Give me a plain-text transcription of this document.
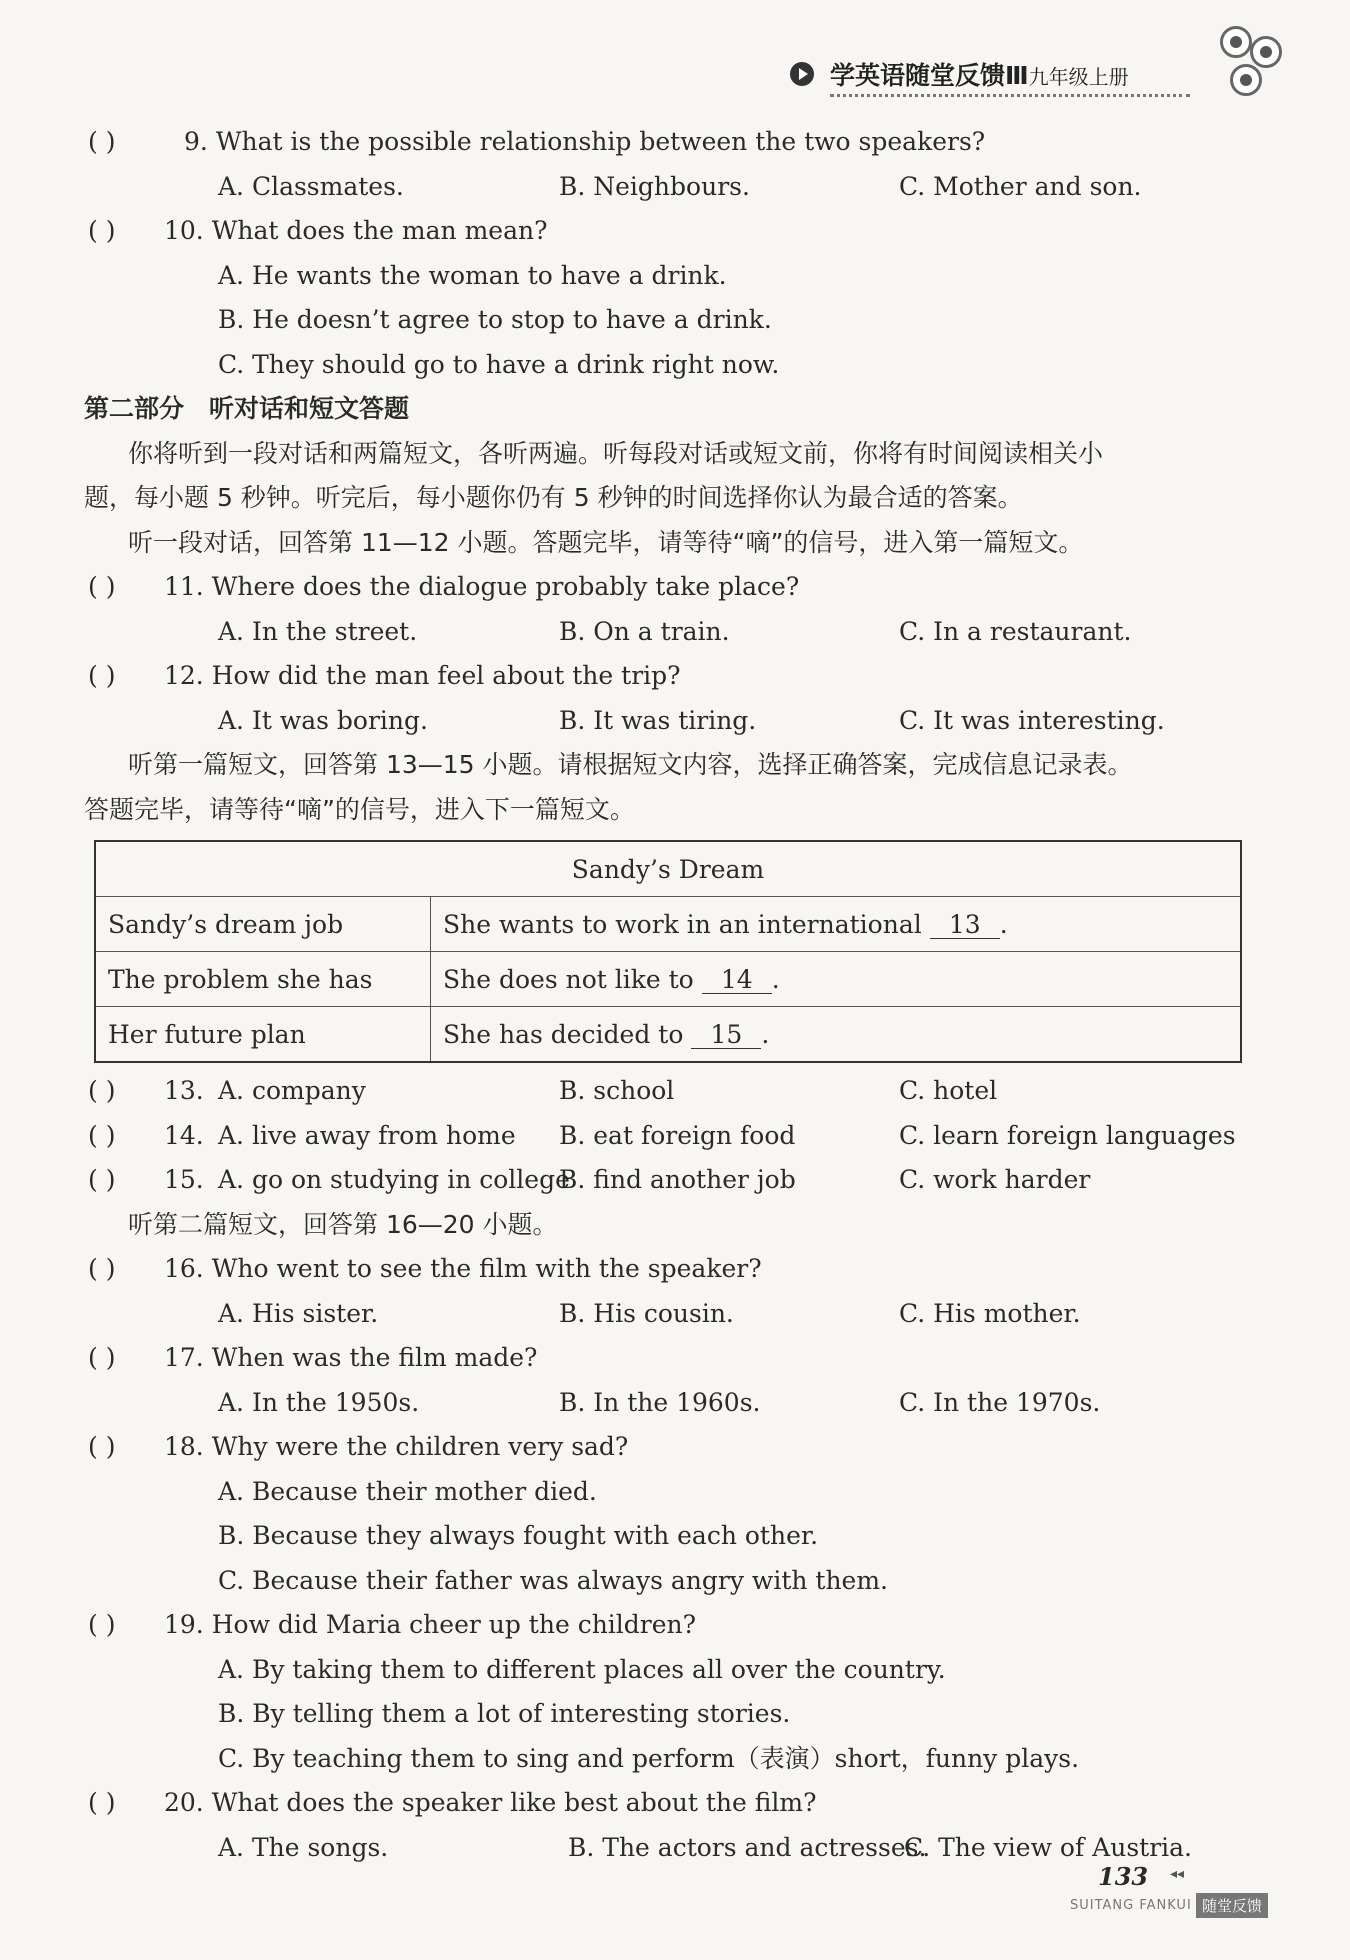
学英语随堂反馈Ⅲ九年级上册
( )	9. What is the possible relationship between the two speakers?
A. Classmates.	B. Neighbours.	C. Mother and son.
( ) 10. What does the man mean?
A. He wants the woman to have a drink.
B. He doesn’t agree to stop to have a drink.
C. They should go to have a drink right now.
第二部分　听对话和短文答题
你将听到一段对话和两篇短文，各听两遍。听每段对话或短文前，你将有时间阅读相关小
题，每小题 5 秒钟。听完后，每小题你仍有 5 秒钟的时间选择你认为最合适的答案。
听一段对话，回答第 11—12 小题。答题完毕，请等待“嘀”的信号，进入第一篇短文。
( ) 11. Where does the dialogue probably take place?
A. In the street.	B. On a train.	C. In a restaurant.
( ) 12. How did the man feel about the trip?
A. It was boring.	B. It was tiring.	C. It was interesting.
听第一篇短文，回答第 13—15 小题。请根据短文内容，选择正确答案，完成信息记录表。
答题完毕，请等待“嘀”的信号，进入下一篇短文。
Sandy’s Dream	
Sandy’s dream job	She wants to work in an international 13 .
The problem she has	She does not like to 14 .
Her future plan	She has decided to 15 .
( ) 13. A. company	B. school	C. hotel
( ) 14. A. live away from home B. eat foreign food	C. learn foreign languages
( ) 15. A. go on studying in college
B. find another job	C. work harder
听第二篇短文，回答第 16—20 小题。
( ) 16. Who went to see the film with the speaker?
A. His sister.	B. His cousin.	C. His mother.
( ) 17. When was the film made?
A. In the 1950s.	B. In the 1960s.	C. In the 1970s.
( ) 18. Why were the children very sad?
A. Because their mother died.
B. Because they always fought with each other.
C. Because their father was always angry with them.
( ) 19. How did Maria cheer up the children?
A. By taking them to different places all over the country.
B. By telling them a lot of interesting stories.
C. By teaching them to sing and perform（表演）short，funny plays.
( ) 20. What does the speaker like best about the film?
A. The songs.	B. The actors and actresses.
C. The view of Austria.
133 ◂◂
SUITANG FANKUI 随堂反馈
